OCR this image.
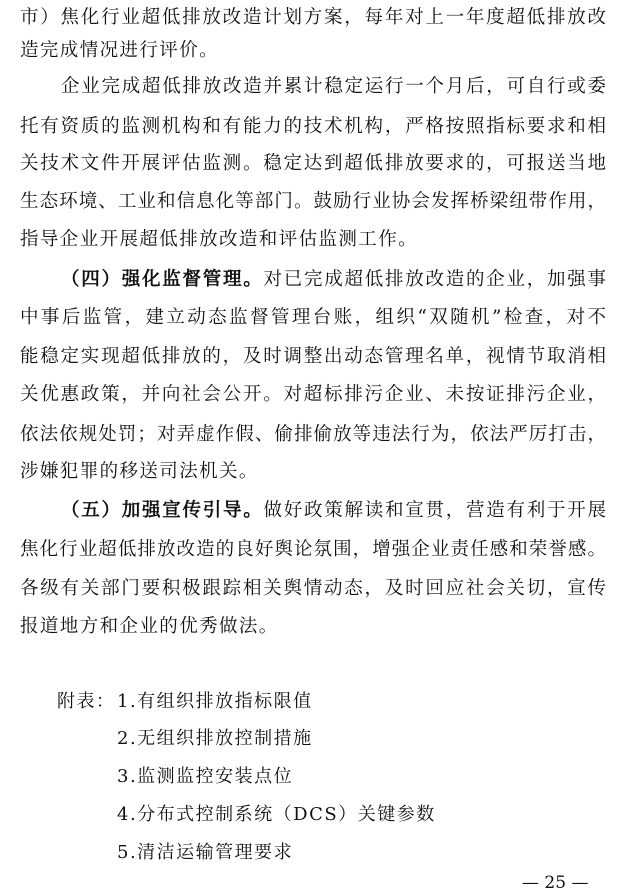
市）焦化行业超低排放改造计划方案，每年对上一年度超低排放改
造完成情况进行评价。
企业完成超低排放改造并累计稳定运行一个月后，可自行或委
托有资质的监测机构和有能力的技术机构，严格按照指标要求和相
关技术文件开展评估监测。稳定达到超低排放要求的，可报送当地
生态环境、工业和信息化等部门。鼓励行业协会发挥桥梁纽带作用，
指导企业开展超低排放改造和评估监测工作。
（四）强化监督管理。对已完成超低排放改造的企业，加强事
中事后监管，建立动态监督管理台账，组织“双随机”检查，对不
能稳定实现超低排放的，及时调整出动态管理名单，视情节取消相
关优惠政策，并向社会公开。对超标排污企业、未按证排污企业，
依法依规处罚；对弄虚作假、偷排偷放等违法行为，依法严厉打击，
涉嫌犯罪的移送司法机关。
（五）加强宣传引导。做好政策解读和宣贯，营造有利于开展
焦化行业超低排放改造的良好舆论氛围，增强企业责任感和荣誉感。
各级有关部门要积极跟踪相关舆情动态，及时回应社会关切，宣传
报道地方和企业的优秀做法。
附表： 1.有组织排放指标限值
2.无组织排放控制措施
3.监测监控安装点位
4.分布式控制系统（DCS）关键参数
5.清洁运输管理要求
— 25 —
